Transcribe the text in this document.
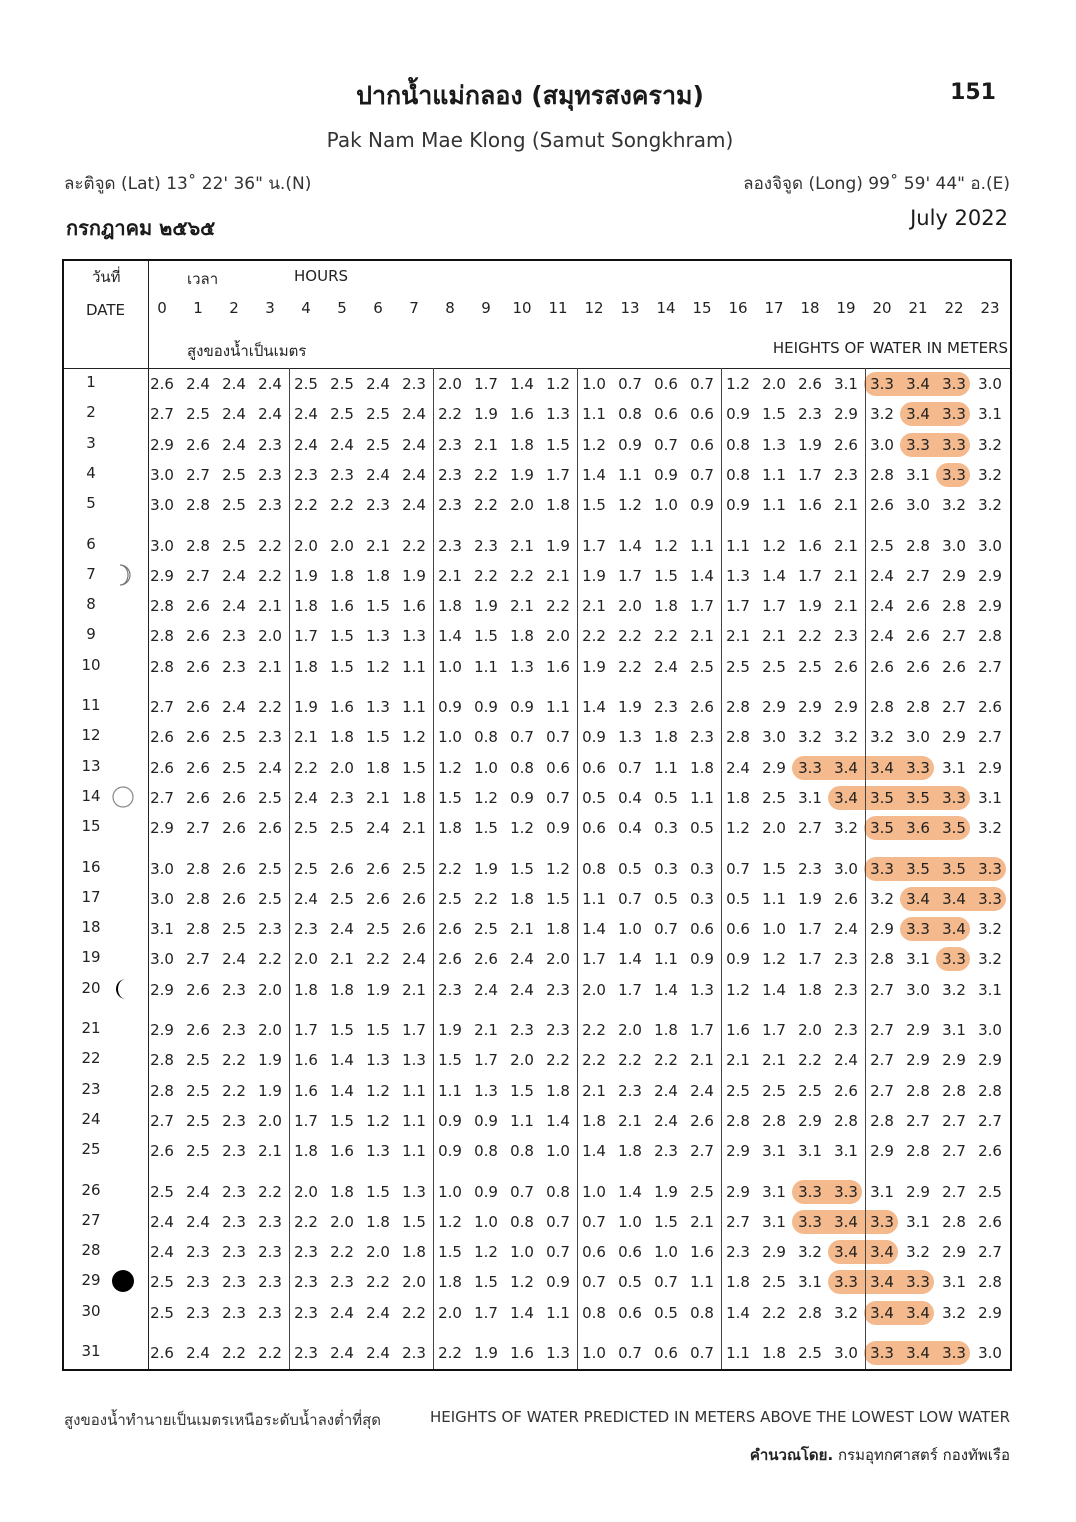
ปากน้ำแม่กลอง (สมุทรสงคราม)	151
Pak Nam Mae Klong (Samut Songkhram)
ละติจูด (Lat) 13˚ 22' 36" น.(N)	ลองจิจูด (Long) 99˚ 59' 44" อ.(E)
กรกฎาคม ๒๕๖๕	July 2022
วันที่
DATE
เวลา	HOURS
สูงของน้ำเป็นเมตร	HEIGHTS OF WATER IN METERS
0	1	2	3	4	5	6	7	8	9	10	11	12	13	14	15	16	17	18	19	20	21	22	23
1	2.6 2.4 2.4 2.4 2.5 2.5 2.4 2.3 2.0 1.7 1.4 1.2 1.0 0.7 0.6 0.7 1.2 2.0 2.6 3.1 3.3 3.4 3.3 3.0
2	2.7 2.5 2.4 2.4 2.4 2.5 2.5 2.4 2.2 1.9 1.6 1.3 1.1 0.8 0.6 0.6 0.9 1.5 2.3 2.9 3.2 3.4 3.3 3.1
3	2.9 2.6 2.4 2.3 2.4 2.4 2.5 2.4 2.3 2.1 1.8 1.5 1.2 0.9 0.7 0.6 0.8 1.3 1.9 2.6 3.0 3.3 3.3 3.2
4	3.0 2.7 2.5 2.3 2.3 2.3 2.4 2.4 2.3 2.2 1.9 1.7 1.4 1.1 0.9 0.7 0.8 1.1 1.7 2.3 2.8 3.1 3.3 3.2
5	3.0 2.8 2.5 2.3 2.2 2.2 2.3 2.4 2.3 2.2 2.0 1.8 1.5 1.2 1.0 0.9 0.9 1.1 1.6 2.1 2.6 3.0 3.2 3.2
6	3.0 2.8 2.5 2.2 2.0 2.0 2.1 2.2 2.3 2.3 2.1 1.9 1.7 1.4 1.2 1.1 1.1 1.2 1.6 2.1 2.5 2.8 3.0 3.0
7	2.9 2.7 2.4 2.2 1.9 1.8 1.8 1.9 2.1 2.2 2.2 2.1 1.9 1.7 1.5 1.4 1.3 1.4 1.7 2.1 2.4 2.7 2.9 2.9
8	2.8 2.6 2.4 2.1 1.8 1.6 1.5 1.6 1.8 1.9 2.1 2.2 2.1 2.0 1.8 1.7 1.7 1.7 1.9 2.1 2.4 2.6 2.8 2.9
9	2.8 2.6 2.3 2.0 1.7 1.5 1.3 1.3 1.4 1.5 1.8 2.0 2.2 2.2 2.2 2.1 2.1 2.1 2.2 2.3 2.4 2.6 2.7 2.8
10	2.8 2.6 2.3 2.1 1.8 1.5 1.2 1.1 1.0 1.1 1.3 1.6 1.9 2.2 2.4 2.5 2.5 2.5 2.5 2.6 2.6 2.6 2.6 2.7
11	2.7 2.6 2.4 2.2 1.9 1.6 1.3 1.1 0.9 0.9 0.9 1.1 1.4 1.9 2.3 2.6 2.8 2.9 2.9 2.9 2.8 2.8 2.7 2.6
12	2.6 2.6 2.5 2.3 2.1 1.8 1.5 1.2 1.0 0.8 0.7 0.7 0.9 1.3 1.8 2.3 2.8 3.0 3.2 3.2 3.2 3.0 2.9 2.7
13	2.6 2.6 2.5 2.4 2.2 2.0 1.8 1.5 1.2 1.0 0.8 0.6 0.6 0.7 1.1 1.8 2.4 2.9 3.3 3.4 3.4 3.3 3.1 2.9
14	2.7 2.6 2.6 2.5 2.4 2.3 2.1 1.8 1.5 1.2 0.9 0.7 0.5 0.4 0.5 1.1 1.8 2.5 3.1 3.4 3.5 3.5 3.3 3.1
15	2.9 2.7 2.6 2.6 2.5 2.5 2.4 2.1 1.8 1.5 1.2 0.9 0.6 0.4 0.3 0.5 1.2 2.0 2.7 3.2 3.5 3.6 3.5 3.2
16	3.0 2.8 2.6 2.5 2.5 2.6 2.6 2.5 2.2 1.9 1.5 1.2 0.8 0.5 0.3 0.3 0.7 1.5 2.3 3.0 3.3 3.5 3.5 3.3
17	3.0 2.8 2.6 2.5 2.4 2.5 2.6 2.6 2.5 2.2 1.8 1.5 1.1 0.7 0.5 0.3 0.5 1.1 1.9 2.6 3.2 3.4 3.4 3.3
18	3.1 2.8 2.5 2.3 2.3 2.4 2.5 2.6 2.6 2.5 2.1 1.8 1.4 1.0 0.7 0.6 0.6 1.0 1.7 2.4 2.9 3.3 3.4 3.2
19	3.0 2.7 2.4 2.2 2.0 2.1 2.2 2.4 2.6 2.6 2.4 2.0 1.7 1.4 1.1 0.9 0.9 1.2 1.7 2.3 2.8 3.1 3.3 3.2
20	2.9 2.6 2.3 2.0 1.8 1.8 1.9 2.1 2.3 2.4 2.4 2.3 2.0 1.7 1.4 1.3 1.2 1.4 1.8 2.3 2.7 3.0 3.2 3.1
21	2.9 2.6 2.3 2.0 1.7 1.5 1.5 1.7 1.9 2.1 2.3 2.3 2.2 2.0 1.8 1.7 1.6 1.7 2.0 2.3 2.7 2.9 3.1 3.0
22	2.8 2.5 2.2 1.9 1.6 1.4 1.3 1.3 1.5 1.7 2.0 2.2 2.2 2.2 2.2 2.1 2.1 2.1 2.2 2.4 2.7 2.9 2.9 2.9
23	2.8 2.5 2.2 1.9 1.6 1.4 1.2 1.1 1.1 1.3 1.5 1.8 2.1 2.3 2.4 2.4 2.5 2.5 2.5 2.6 2.7 2.8 2.8 2.8
24	2.7 2.5 2.3 2.0 1.7 1.5 1.2 1.1 0.9 0.9 1.1 1.4 1.8 2.1 2.4 2.6 2.8 2.8 2.9 2.8 2.8 2.7 2.7 2.7
25	2.6 2.5 2.3 2.1 1.8 1.6 1.3 1.1 0.9 0.8 0.8 1.0 1.4 1.8 2.3 2.7 2.9 3.1 3.1 3.1 2.9 2.8 2.7 2.6
26	2.5 2.4 2.3 2.2 2.0 1.8 1.5 1.3 1.0 0.9 0.7 0.8 1.0 1.4 1.9 2.5 2.9 3.1 3.3 3.3 3.1 2.9 2.7 2.5
27	2.4 2.4 2.3 2.3 2.2 2.0 1.8 1.5 1.2 1.0 0.8 0.7 0.7 1.0 1.5 2.1 2.7 3.1 3.3 3.4 3.3 3.1 2.8 2.6
28	2.4 2.3 2.3 2.3 2.3 2.2 2.0 1.8 1.5 1.2 1.0 0.7 0.6 0.6 1.0 1.6 2.3 2.9 3.2 3.4 3.4 3.2 2.9 2.7
29	2.5 2.3 2.3 2.3 2.3 2.3 2.2 2.0 1.8 1.5 1.2 0.9 0.7 0.5 0.7 1.1 1.8 2.5 3.1 3.3 3.4 3.3 3.1 2.8
30	2.5 2.3 2.3 2.3 2.3 2.4 2.4 2.2 2.0 1.7 1.4 1.1 0.8 0.6 0.5 0.8 1.4 2.2 2.8 3.2 3.4 3.4 3.2 2.9
31	2.6 2.4 2.2 2.2 2.3 2.4 2.4 2.3 2.2 1.9 1.6 1.3 1.0 0.7 0.6 0.7 1.1 1.8 2.5 3.0 3.3 3.4 3.3 3.0
สูงของน้ำทำนายเป็นเมตรเหนือระดับน้ำลงต่ำที่สุด	HEIGHTS OF WATER PREDICTED IN METERS ABOVE THE LOWEST LOW WATER
คำนวณโดย. กรมอุทกศาสตร์ กองทัพเรือ
